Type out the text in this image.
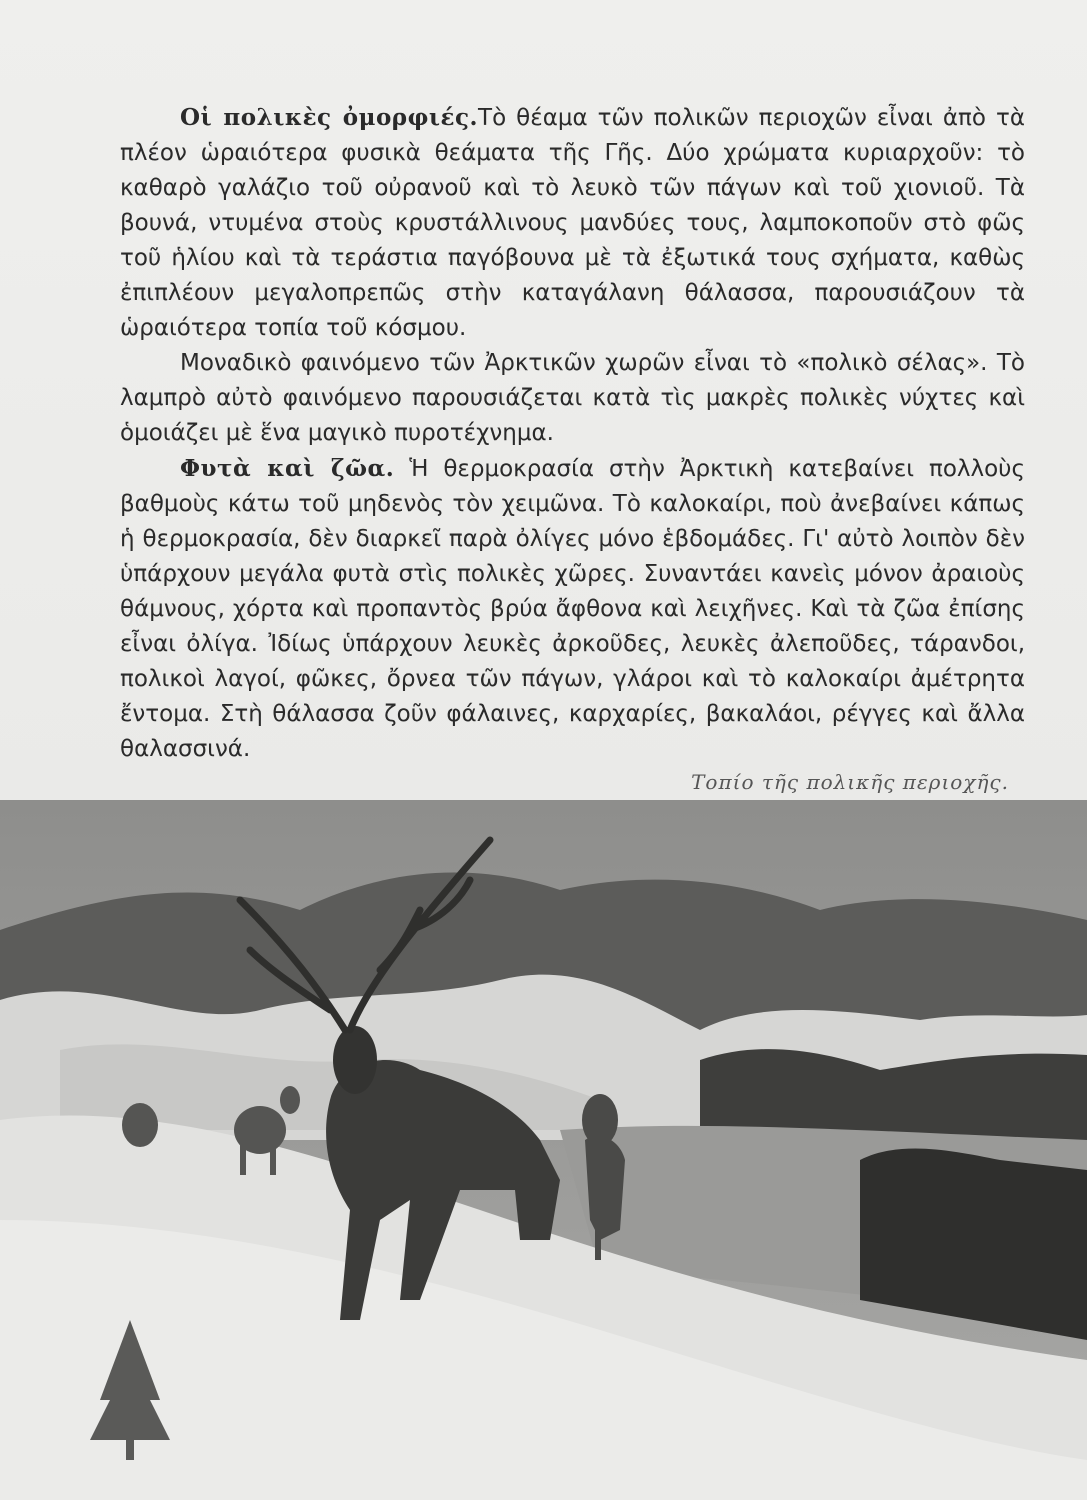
Οἱ πολικὲς ὀμορφιές.Τὸ θέαμα τῶν πολικῶν περιοχῶν εἶναι ἀπὸ τὰ πλέον ὡραιότερα φυσικὰ θεάματα τῆς Γῆς. Δύο χρώματα κυριαρχοῦν: τὸ καθαρὸ γαλάζιο τοῦ οὐρανοῦ καὶ τὸ λευκὸ τῶν πάγων καὶ τοῦ χιονιοῦ. Τὰ βουνά, ντυμένα στοὺς κρυστάλλινους μανδύες τους, λαμποκοποῦν στὸ φῶς τοῦ ἡλίου καὶ τὰ τεράστια παγόβουνα μὲ τὰ ἐξωτικά τους σχήματα, καθὼς ἐπιπλέουν μεγαλοπρεπῶς στὴν καταγάλανη θάλασσα, παρουσιάζουν τὰ ὡραιότερα τοπία τοῦ κόσμου.

Μοναδικὸ φαινόμενο τῶν Ἀρκτικῶν χωρῶν εἶναι τὸ «πολικὸ σέλας». Τὸ λαμπρὸ αὐτὸ φαινόμενο παρουσιάζεται κατὰ τὶς μακρὲς πολικὲς νύχτες καὶ ὁμοιάζει μὲ ἕνα μαγικὸ πυροτέχνημα.

Φυτὰ καὶ ζῶα. Ἡ θερμοκρασία στὴν Ἀρκτικὴ κατεβαίνει πολλοὺς βαθμοὺς κάτω τοῦ μηδενὸς τὸν χειμῶνα. Τὸ καλοκαίρι, ποὺ ἀνεβαίνει κάπως ἡ θερμοκρασία, δὲν διαρκεῖ παρὰ ὀλίγες μόνο ἑβδομάδες. Γι' αὐτὸ λοιπὸν δὲν ὑπάρχουν μεγάλα φυτὰ στὶς πολικὲς χῶρες. Συναντάει κανεὶς μόνον ἀραιοὺς θάμνους, χόρτα καὶ προπαντὸς βρύα ἄφθονα καὶ λειχῆνες. Καὶ τὰ ζῶα ἐπίσης εἶναι ὀλίγα. Ἰδίως ὑπάρχουν λευκὲς ἀρκοῦδες, λευκὲς ἀλεποῦδες, τάρανδοι, πολικοὶ λαγοί, φῶκες, ὄρνεα τῶν πάγων, γλάροι καὶ τὸ καλοκαίρι ἀμέτρητα ἔντομα. Στὴ θάλασσα ζοῦν φάλαινες, καρχαρίες, βακαλάοι, ρέγγες καὶ ἄλλα θαλασσινά.

Τοπίο τῆς πολικῆς περιοχῆς.
